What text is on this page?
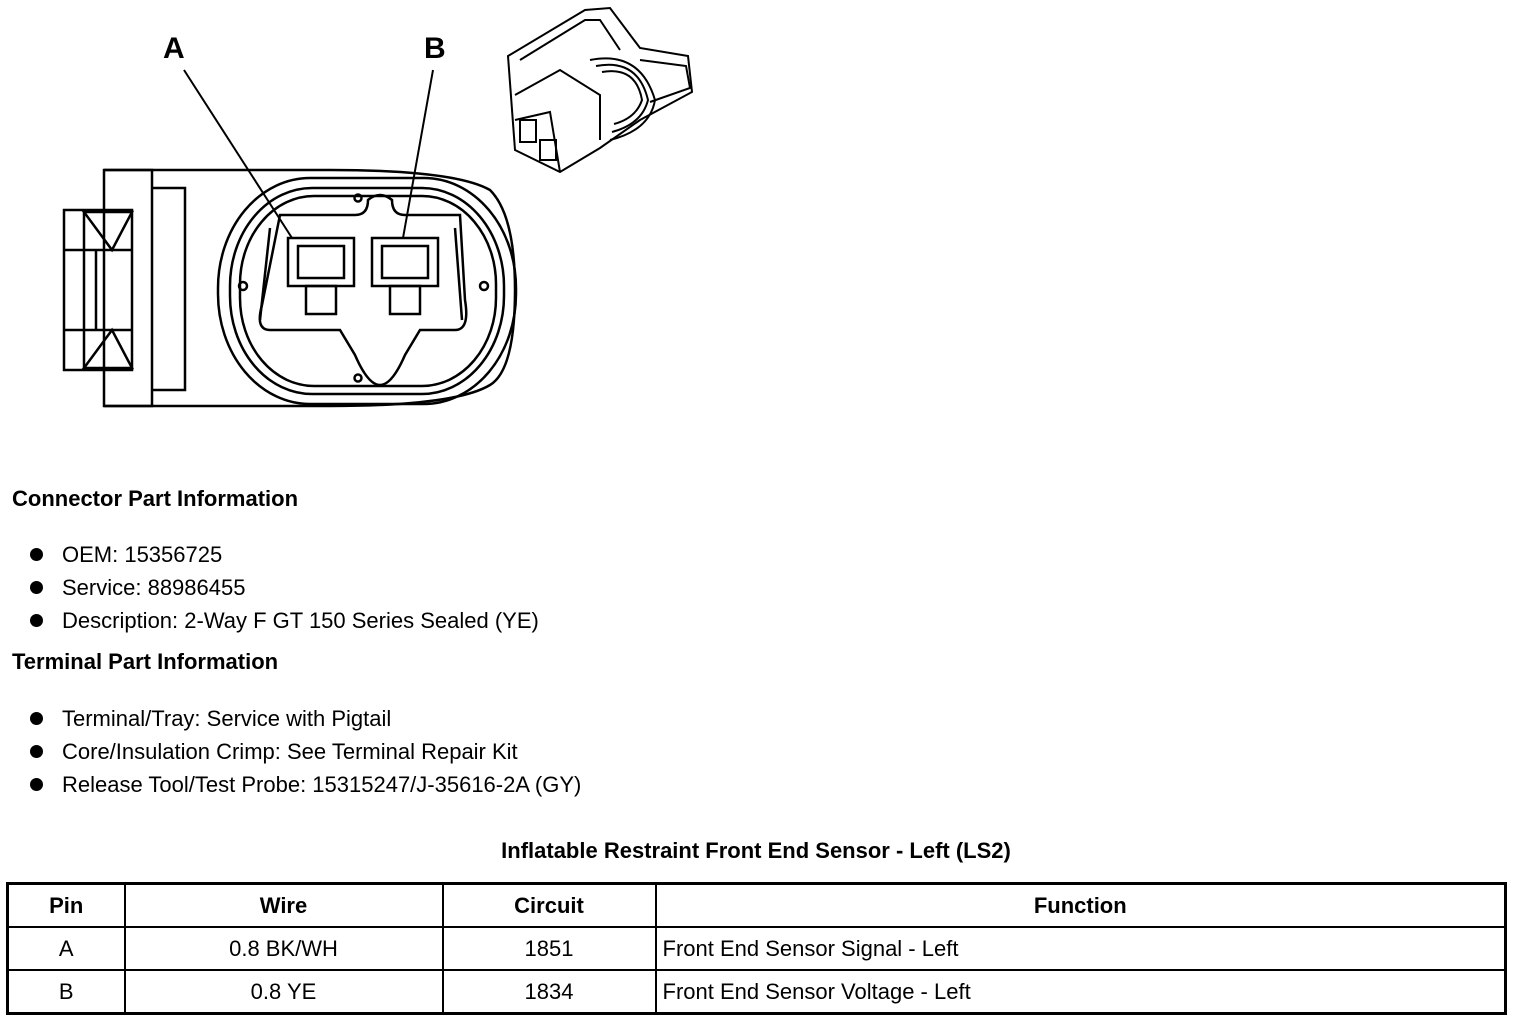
A	B
Connector Part Information
OEM: 15356725
Service: 88986455
Description: 2-Way F GT 150 Series Sealed (YE)
Terminal Part Information
Terminal/Tray: Service with Pigtail
Core/Insulation Crimp: See Terminal Repair Kit
Release Tool/Test Probe: 15315247/J-35616-2A (GY)
Inflatable Restraint Front End Sensor - Left (LS2)
Pin	Wire	Circuit	Function
A	0.8 BK/WH	1851	Front End Sensor Signal - Left
B	0.8 YE	1834	Front End Sensor Voltage - Left
